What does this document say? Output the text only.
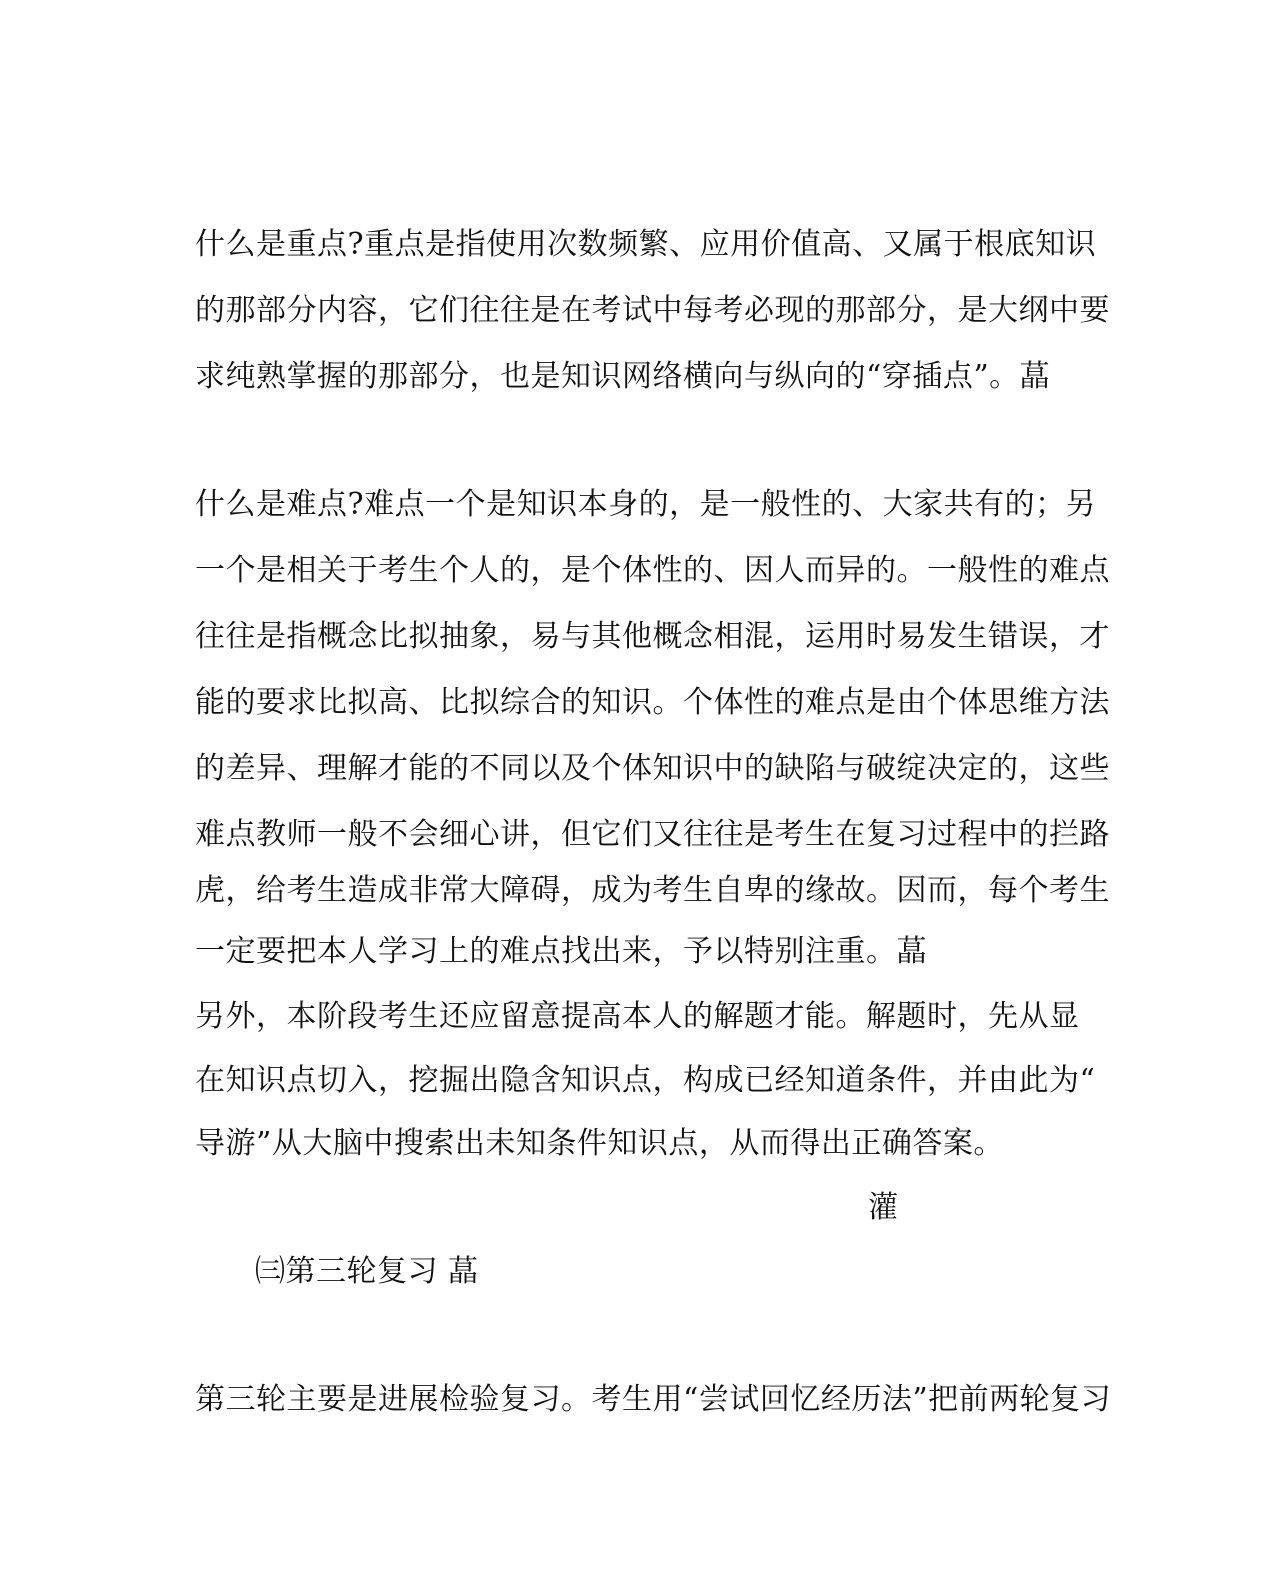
什么是重点?重点是指使用次数频繁、应用价值高、又属于根底知识
的那部分内容，它们往往是在考试中每考必现的那部分，是大纲中要
求纯熟掌握的那部分，也是知识网络横向与纵向的“穿插点”。蕌
什么是难点?难点一个是知识本身的，是一般性的、大家共有的；另
一个是相关于考生个人的，是个体性的、因人而异的。一般性的难点
往往是指概念比拟抽象，易与其他概念相混，运用时易发生错误，才
能的要求比拟高、比拟综合的知识。个体性的难点是由个体思维方法
的差异、理解才能的不同以及个体知识中的缺陷与破绽决定的，这些
难点教师一般不会细心讲，但它们又往往是考生在复习过程中的拦路
虎，给考生造成非常大障碍，成为考生自卑的缘故。因而，每个考生
一定要把本人学习上的难点找出来，予以特别注重。蕌
另外，本阶段考生还应留意提高本人的解题才能。解题时，先从显
在知识点切入，挖掘出隐含知识点，构成已经知道条件，并由此为“
导游”从大脑中搜索出未知条件知识点，从而得出正确答案。
灌
㈢第三轮复习 蕌
第三轮主要是进展检验复习。考生用“尝试回忆经历法”把前两轮复习
